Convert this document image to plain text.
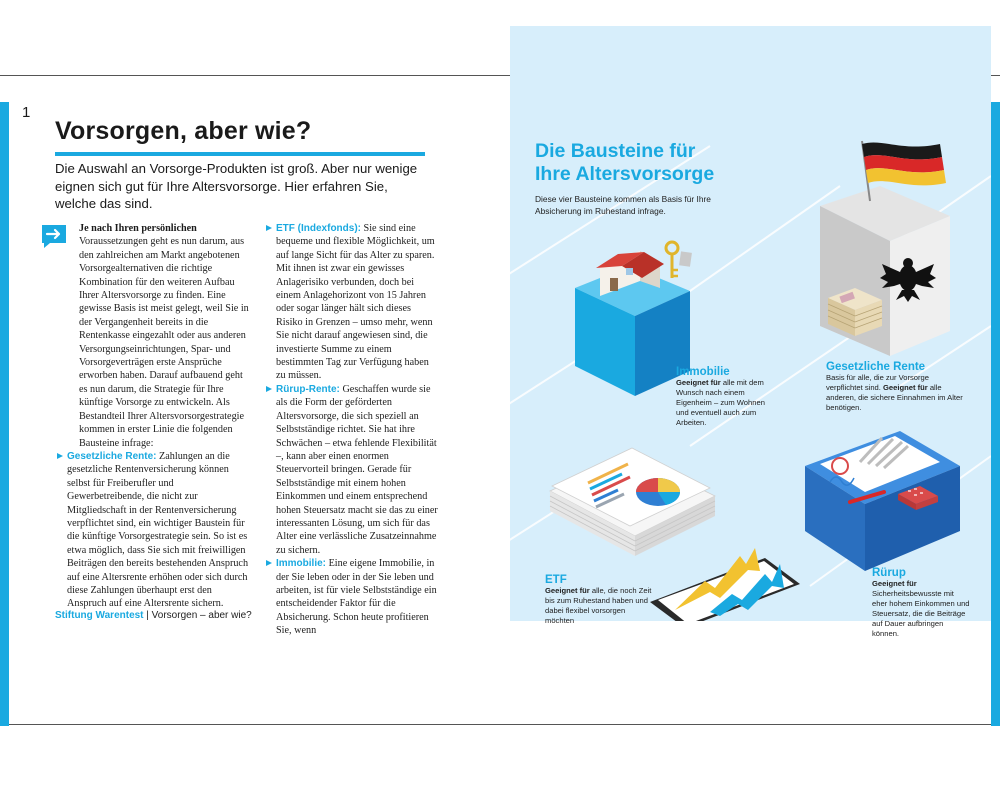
1
Vorsorgen, aber wie?
Die Auswahl an Vorsorge-Produkten ist groß. Aber nur wenige eignen sich gut für Ihre Altersvorsorge. Hier erfahren Sie, welche das sind.

Je nach Ihren persönlichen Voraussetzungen geht es nun darum, aus den zahlreichen am Markt angebotenen Vorsorgealternativen die richtige Kombination für den weiteren Aufbau Ihrer Altersvorsorge zu finden. Eine gewisse Basis ist meist gelegt, weil Sie in der Vergangenheit bereits in die Rentenkasse eingezahlt oder aus anderen Versorgungseinrichtungen, Spar- und Vorsorgeverträgen erste Ansprüche erworben haben. Darauf aufbauend geht es nun darum, die Strategie für Ihre künftige Vorsorge zu entwickeln. Als Bestandteil Ihrer Altersvorsorgestrategie kommen in erster Linie die folgenden Bausteine infrage:

Gesetzliche Rente: Zahlungen an die gesetzliche Rentenversicherung können selbst für Freiberufler und Gewerbetreibende, die nicht zur Mitgliedschaft in der Rentenversicherung verpflichtet sind, ein wichtiger Baustein für die künftige Vorsorgestrategie sein. So ist es etwa möglich, dass Sie sich mit freiwilligen Beiträgen den bereits bestehenden Anspruch auf eine Altersrente erhöhen oder sich durch diese Zahlungen überhaupt erst den Anspruch auf eine Altersrente sichern.

ETF (Indexfonds): Sie sind eine bequeme und flexible Möglichkeit, um auf lange Sicht für das Alter zu sparen. Mit ihnen ist zwar ein gewisses Anlagerisiko verbunden, doch bei einem Anlagehorizont von 15 Jahren oder sogar länger hält sich dieses Risiko in Grenzen – umso mehr, wenn Sie nicht darauf angewiesen sind, die investierte Summe zu einem bestimmten Tag zur Verfügung haben zu müssen.

Rürup-Rente: Geschaffen wurde sie als die Form der geförderten Altersvorsorge, die sich speziell an Selbstständige richtet. Sie hat ihre Schwächen – etwa fehlende Flexibilität –, kann aber einen enormen Steuervorteil bringen. Gerade für Selbstständige mit einem hohen Einkommen und einem entsprechend hohen Steuersatz macht sie das zu einer interessanten Lösung, um sich für das Alter eine verlässliche Zusatzeinnahme zu sichern.

Immobilie: Eine eigene Immobilie, in der Sie leben oder in der Sie leben und arbeiten, ist für viele Selbstständige ein entscheidender Faktor für die Absicherung. Schon heute profitieren Sie, wenn

Stiftung Warentest | Vorsorgen – aber wie?
Die Bausteine für
Ihre Altersvorsorge
Diese vier Bausteine kommen als Basis für Ihre Absicherung im Ruhestand infrage.
Immobilie
Geeignet für alle mit dem Wunsch nach einem Eigenheim – zum Wohnen und eventuell auch zum Arbeiten.
Gesetzliche Rente
Basis für alle, die zur Vorsorge verpflichtet sind. Geeignet für alle anderen, die sichere Einnahmen im Alter benötigen.
ETF
Geeignet für alle, die noch Zeit bis zum Ruhestand haben und dabei flexibel vorsorgen möchten
Rürup
Geeignet für Sicherheitsbewusste mit eher hohem Einkommen und Steuersatz, die die Beiträge auf Dauer aufbringen können.
